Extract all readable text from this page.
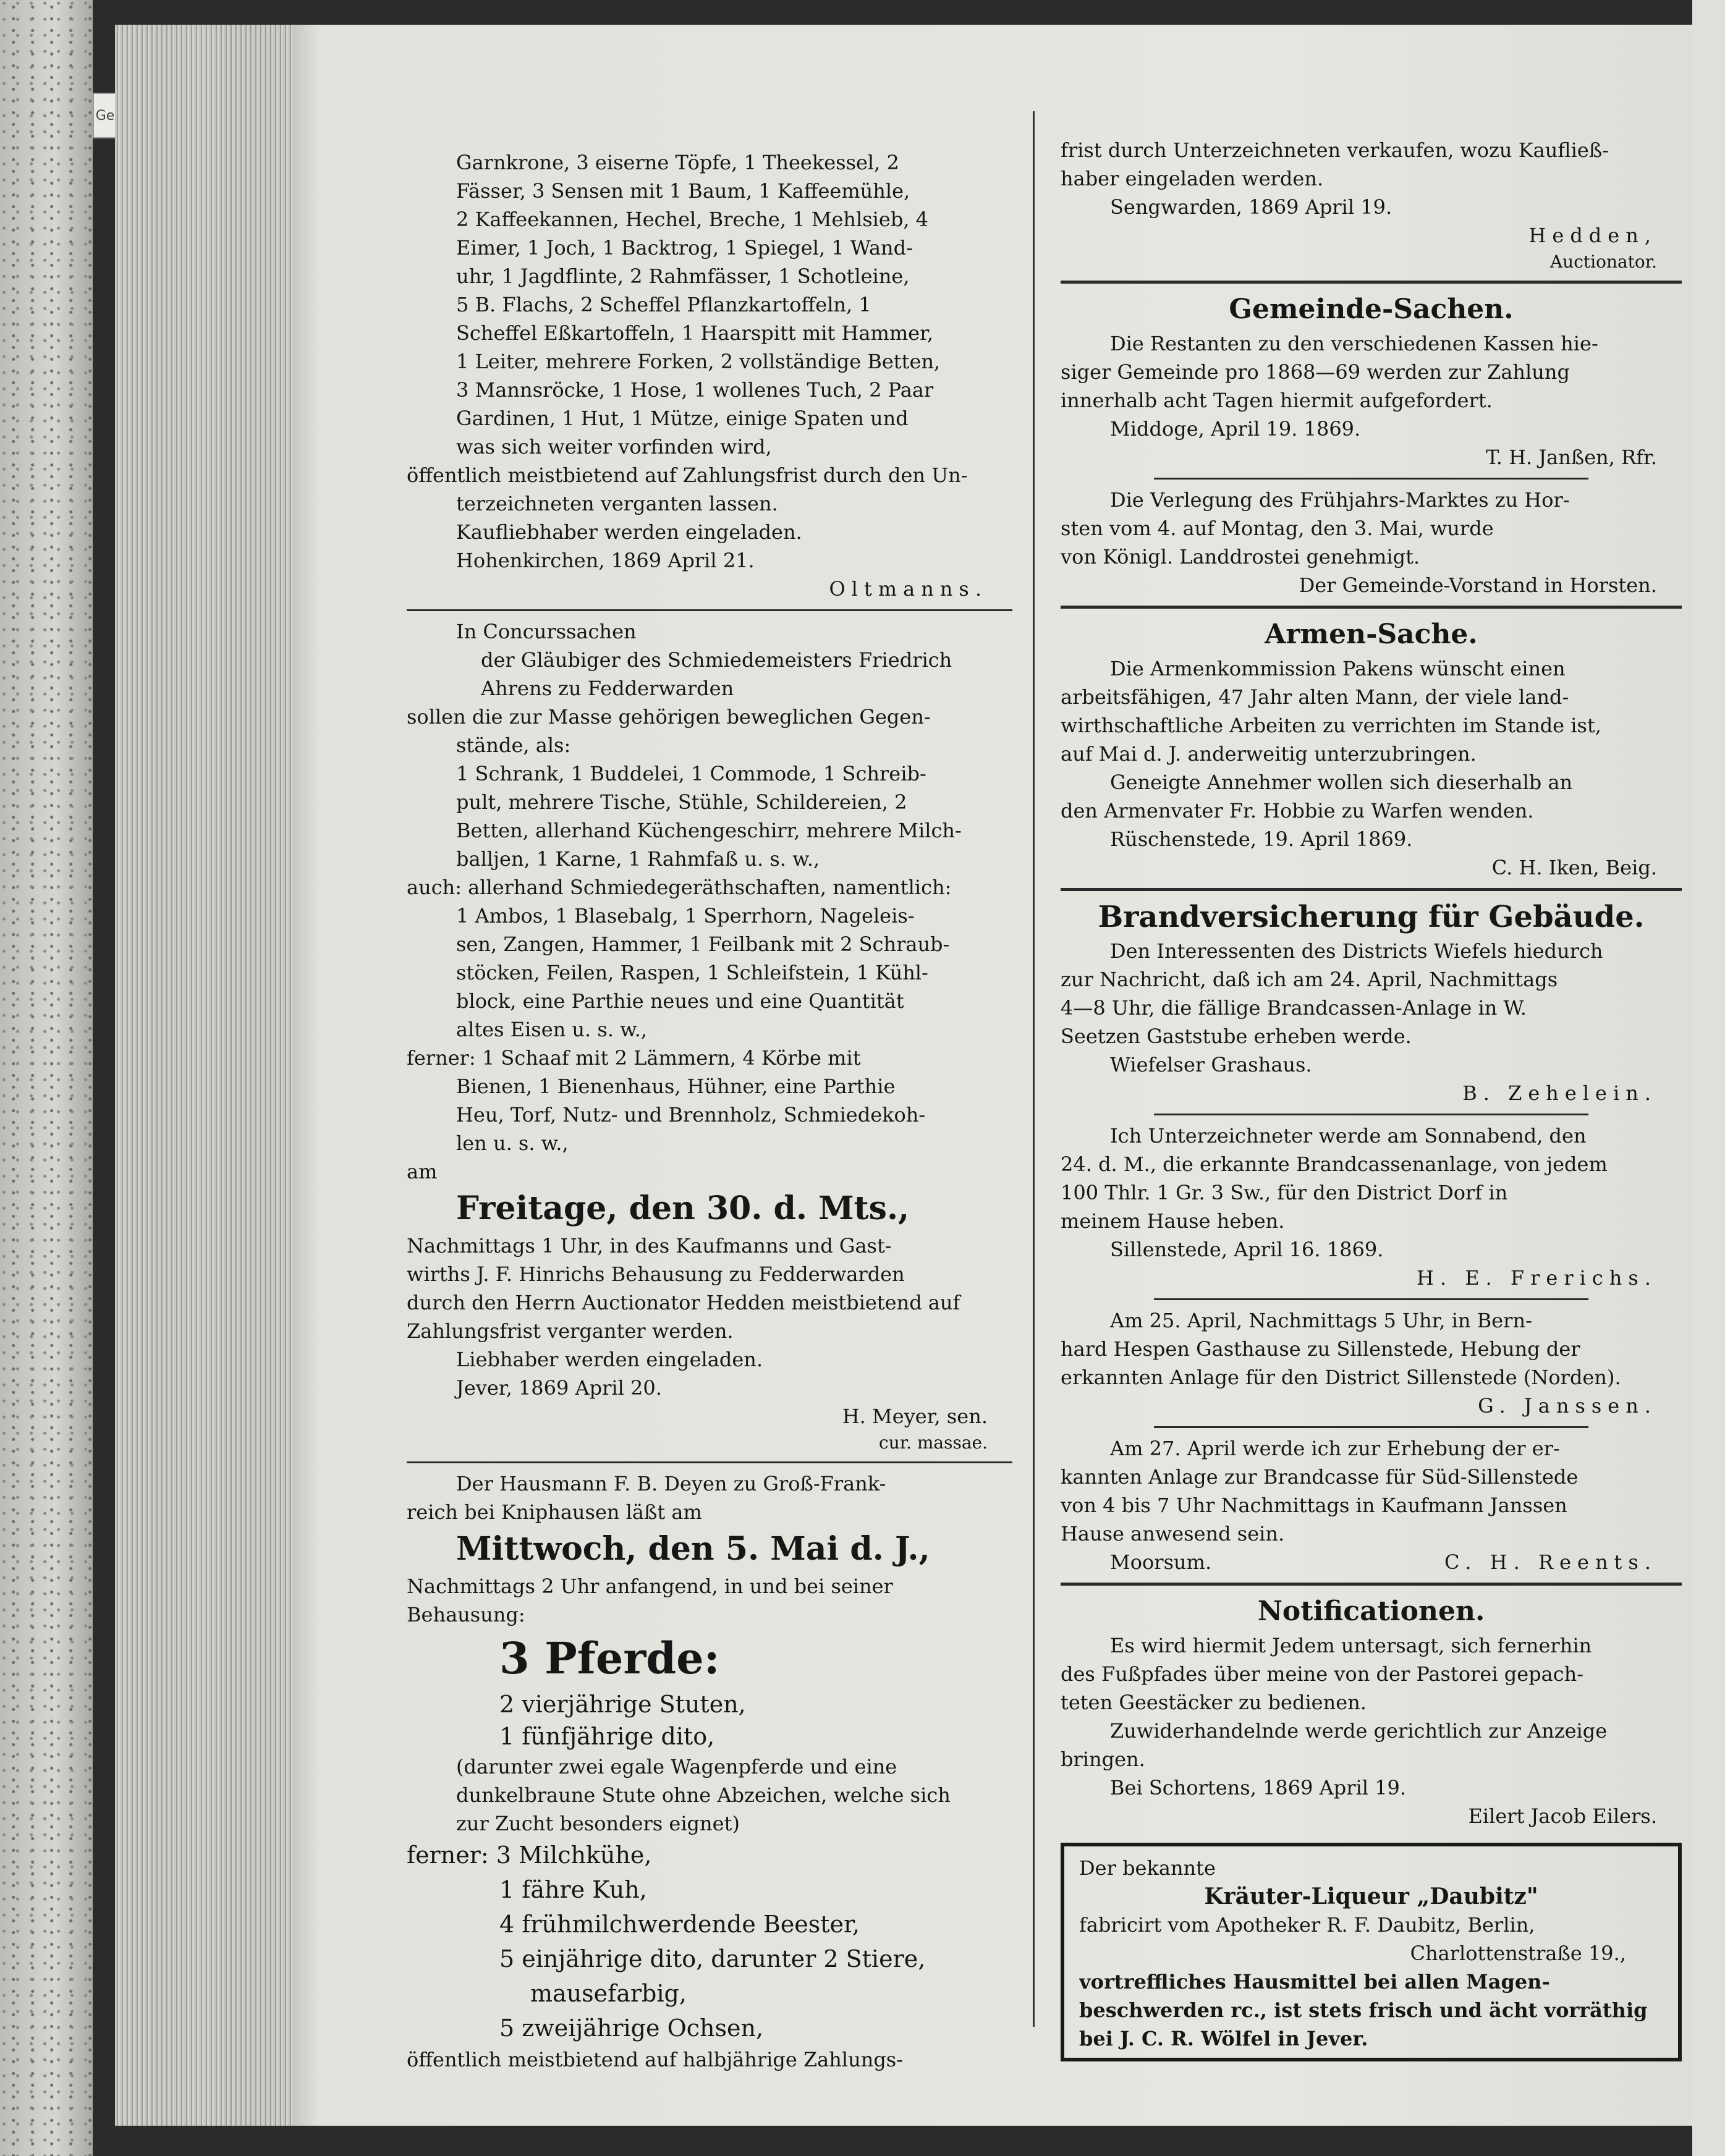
Ge
Garnkrone, 3 eiserne Töpfe, 1 Theekessel, 2
Fässer, 3 Sensen mit 1 Baum, 1 Kaffeemühle,
2 Kaffeekannen, Hechel, Breche, 1 Mehlsieb, 4
Eimer, 1 Joch, 1 Backtrog, 1 Spiegel, 1 Wand-
uhr, 1 Jagdflinte, 2 Rahmfässer, 1 Schotleine,
5 B. Flachs, 2 Scheffel Pflanzkartoffeln, 1
Scheffel Eßkartoffeln, 1 Haarspitt mit Hammer,
1 Leiter, mehrere Forken, 2 vollständige Betten,
3 Mannsröcke, 1 Hose, 1 wollenes Tuch, 2 Paar
Gardinen, 1 Hut, 1 Mütze, einige Spaten und
was sich weiter vorfinden wird,
öffentlich meistbietend auf Zahlungsfrist durch den Un-
terzeichneten verganten lassen.
Kaufliebhaber werden eingeladen.
Hohenkirchen, 1869 April 21.
Oltmanns.
In Concurssachen
der Gläubiger des Schmiedemeisters Friedrich
Ahrens zu Fedderwarden
sollen die zur Masse gehörigen beweglichen Gegen-
stände, als:
1 Schrank, 1 Buddelei, 1 Commode, 1 Schreib-
pult, mehrere Tische, Stühle, Schildereien, 2
Betten, allerhand Küchengeschirr, mehrere Milch-
balljen, 1 Karne, 1 Rahmfaß u. s. w.,
auch: allerhand Schmiedegeräthschaften, namentlich:
1 Ambos, 1 Blasebalg, 1 Sperrhorn, Nageleis-
sen, Zangen, Hammer, 1 Feilbank mit 2 Schraub-
stöcken, Feilen, Raspen, 1 Schleifstein, 1 Kühl-
block, eine Parthie neues und eine Quantität
altes Eisen u. s. w.,
ferner: 1 Schaaf mit 2 Lämmern, 4 Körbe mit
Bienen, 1 Bienenhaus, Hühner, eine Parthie
Heu, Torf, Nutz- und Brennholz, Schmiedekoh-
len u. s. w.,
am
Freitage, den 30. d. Mts.,
Nachmittags 1 Uhr, in des Kaufmanns und Gast-
wirths J. F. Hinrichs Behausung zu Fedderwarden
durch den Herrn Auctionator Hedden meistbietend auf
Zahlungsfrist verganter werden.
Liebhaber werden eingeladen.
Jever, 1869 April 20.
H. Meyer, sen.
cur. massae.
Der Hausmann F. B. Deyen zu Groß-Frank-
reich bei Kniphausen läßt am
Mittwoch, den 5. Mai d. J.,
Nachmittags 2 Uhr anfangend, in und bei seiner
Behausung:
3 Pferde:
2 vierjährige Stuten,
1 fünfjährige dito,
(darunter zwei egale Wagenpferde und eine
dunkelbraune Stute ohne Abzeichen, welche sich
zur Zucht besonders eignet)
ferner: 3 Milchkühe,
1 fähre Kuh,
4 frühmilchwerdende Beester,
5 einjährige dito, darunter 2 Stiere,
mausefarbig,
5 zweijährige Ochsen,
öffentlich meistbietend auf halbjährige Zahlungs-
frist durch Unterzeichneten verkaufen, wozu Kaufließ-
haber eingeladen werden.
Sengwarden, 1869 April 19.
Hedden,
Auctionator.
Gemeinde-Sachen.
Die Restanten zu den verschiedenen Kassen hie-
siger Gemeinde pro 1868—69 werden zur Zahlung
innerhalb acht Tagen hiermit aufgefordert.
Middoge, April 19. 1869.
T. H. Janßen, Rfr.
Die Verlegung des Frühjahrs-Marktes zu Hor-
sten vom 4. auf Montag, den 3. Mai, wurde
von Königl. Landdrostei genehmigt.
Der Gemeinde-Vorstand in Horsten.
Armen-Sache.
Die Armenkommission Pakens wünscht einen
arbeitsfähigen, 47 Jahr alten Mann, der viele land-
wirthschaftliche Arbeiten zu verrichten im Stande ist,
auf Mai d. J. anderweitig unterzubringen.
Geneigte Annehmer wollen sich dieserhalb an
den Armenvater Fr. Hobbie zu Warfen wenden.
Rüschenstede, 19. April 1869.
C. H. Iken, Beig.
Brandversicherung für Gebäude.
Den Interessenten des Districts Wiefels hiedurch
zur Nachricht, daß ich am 24. April, Nachmittags
4—8 Uhr, die fällige Brandcassen-Anlage in W.
Seetzen Gaststube erheben werde.
Wiefelser Grashaus.
B. Zehelein.
Ich Unterzeichneter werde am Sonnabend, den
24. d. M., die erkannte Brandcassenanlage, von jedem
100 Thlr. 1 Gr. 3 Sw., für den District Dorf in
meinem Hause heben.
Sillenstede, April 16. 1869.
H. E. Frerichs.
Am 25. April, Nachmittags 5 Uhr, in Bern-
hard Hespen Gasthause zu Sillenstede, Hebung der
erkannten Anlage für den District Sillenstede (Norden).
G. Janssen.
Am 27. April werde ich zur Erhebung der er-
kannten Anlage zur Brandcasse für Süd-Sillenstede
von 4 bis 7 Uhr Nachmittags in Kaufmann Janssen
Hause anwesend sein.
Moorsum.	C. H. Reents.
Notificationen.
Es wird hiermit Jedem untersagt, sich fernerhin
des Fußpfades über meine von der Pastorei gepach-
teten Geestäcker zu bedienen.
Zuwiderhandelnde werde gerichtlich zur Anzeige
bringen.
Bei Schortens, 1869 April 19.
Eilert Jacob Eilers.
Der bekannte
Kräuter-Liqueur „Daubitz"
fabricirt vom Apotheker R. F. Daubitz, Berlin,
Charlottenstraße 19.,
vortreffliches Hausmittel bei allen Magen-
beschwerden rc., ist stets frisch und ächt vorräthig
bei J. C. R. Wölfel in Jever.
